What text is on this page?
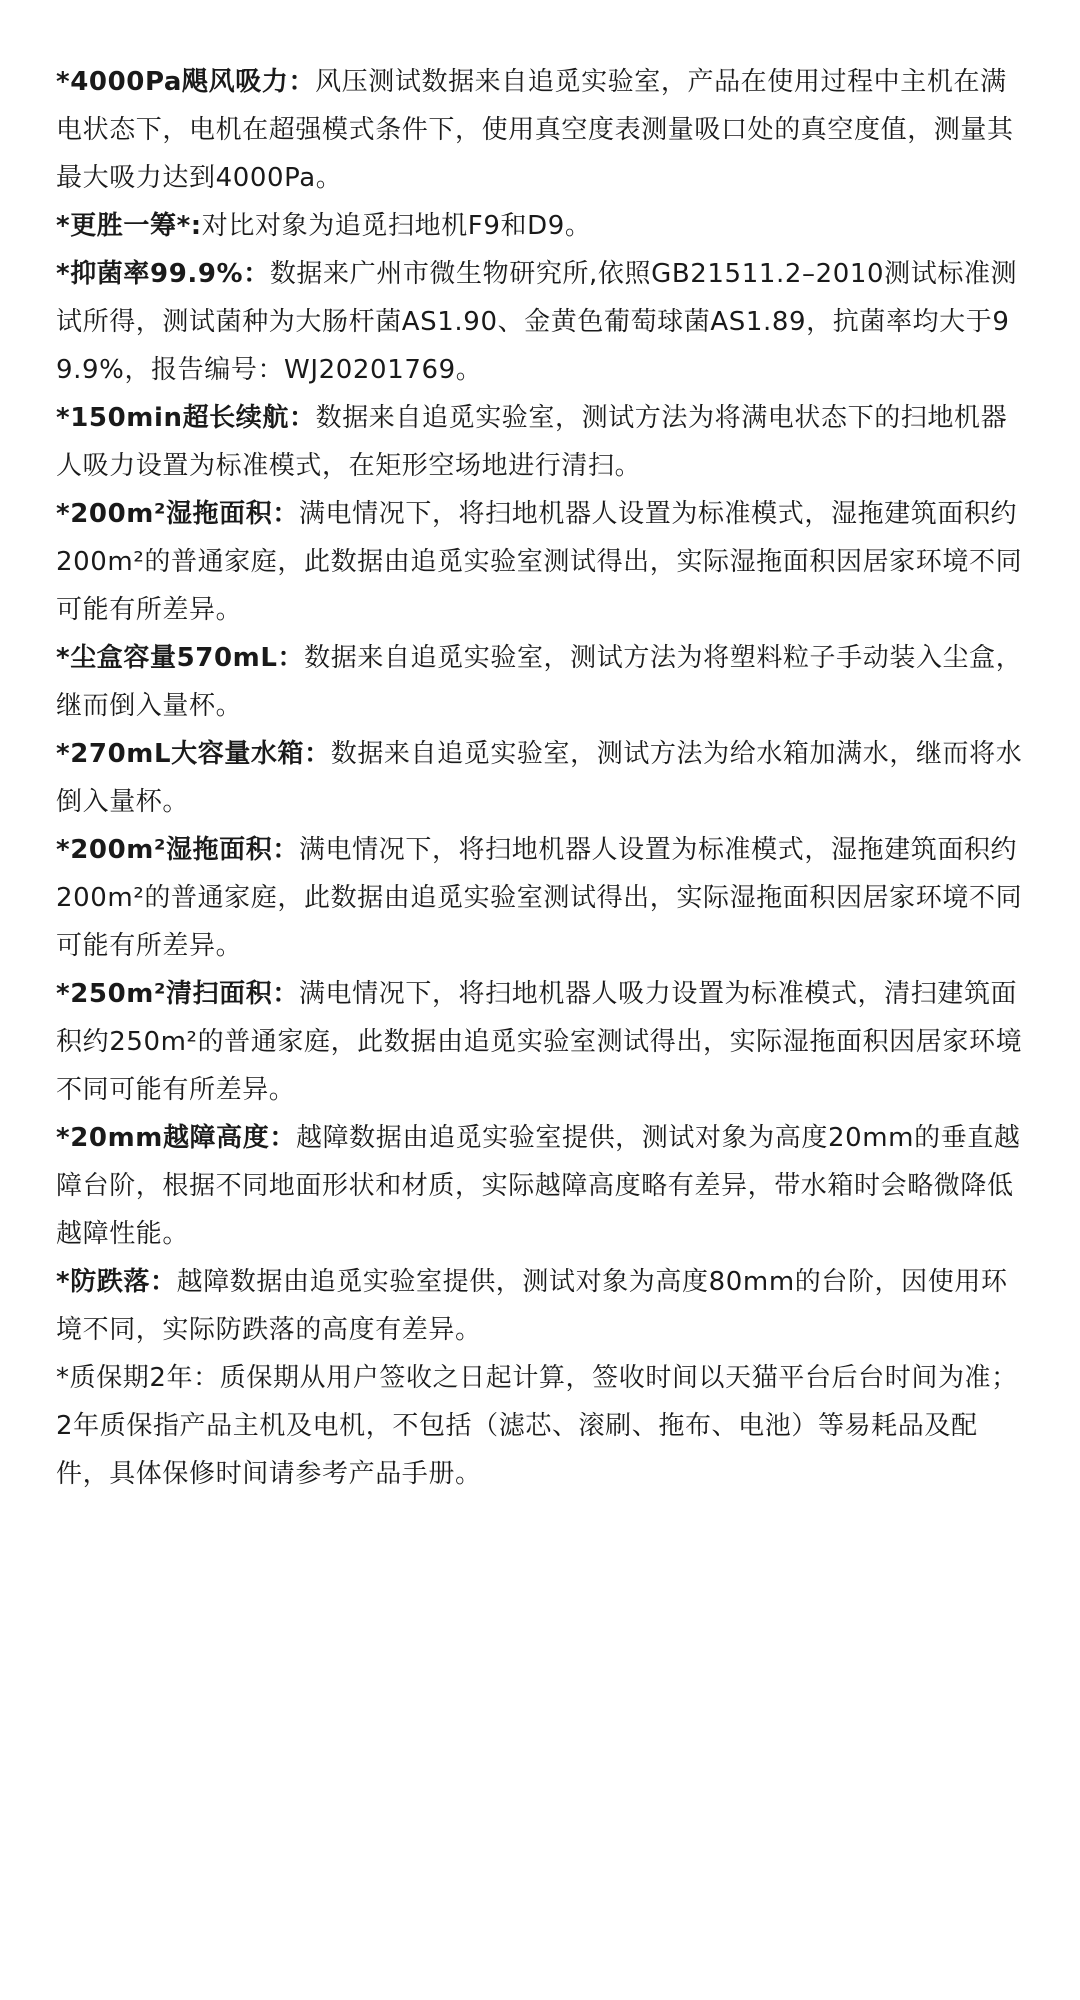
*4000Pa飓风吸力：风压测试数据来自追觅实验室，产品在使用过程中主机在满电状态下，电机在超强模式条件下，使用真空度表测量吸口处的真空度值，测量其最大吸力达到4000Pa。

*更胜一筹*:对比对象为追觅扫地机F9和D9。

*抑菌率99.9%：数据来广州市微生物研究所,依照GB21511.2–2010测试标准测试所得，测试菌种为大肠杆菌AS1.90、金黄色葡萄球菌AS1.89，抗菌率均大于99.9%，报告编号：WJ20201769。

*150min超长续航：数据来自追觅实验室，测试方法为将满电状态下的扫地机器人吸力设置为标准模式，在矩形空场地进行清扫。

*200m²湿拖面积：满电情况下，将扫地机器人设置为标准模式，湿拖建筑面积约200m²的普通家庭，此数据由追觅实验室测试得出，实际湿拖面积因居家环境不同可能有所差异。

*尘盒容量570mL：数据来自追觅实验室，测试方法为将塑料粒子手动装入尘盒，继而倒入量杯。

*270mL大容量水箱：数据来自追觅实验室，测试方法为给水箱加满水，继而将水倒入量杯。

*200m²湿拖面积：满电情况下，将扫地机器人设置为标准模式，湿拖建筑面积约200m²的普通家庭，此数据由追觅实验室测试得出，实际湿拖面积因居家环境不同可能有所差异。

*250m²清扫面积：满电情况下，将扫地机器人吸力设置为标准模式，清扫建筑面积约250m²的普通家庭，此数据由追觅实验室测试得出，实际湿拖面积因居家环境不同可能有所差异。

*20mm越障高度：越障数据由追觅实验室提供，测试对象为高度20mm的垂直越障台阶，根据不同地面形状和材质，实际越障高度略有差异，带水箱时会略微降低越障性能。

*防跌落：越障数据由追觅实验室提供，测试对象为高度80mm的台阶，因使用环境不同，实际防跌落的高度有差异。

*质保期2年：质保期从用户签收之日起计算，签收时间以天猫平台后台时间为准；2年质保指产品主机及电机，不包括（滤芯、滚刷、拖布、电池）等易耗品及配件，具体保修时间请参考产品手册。
